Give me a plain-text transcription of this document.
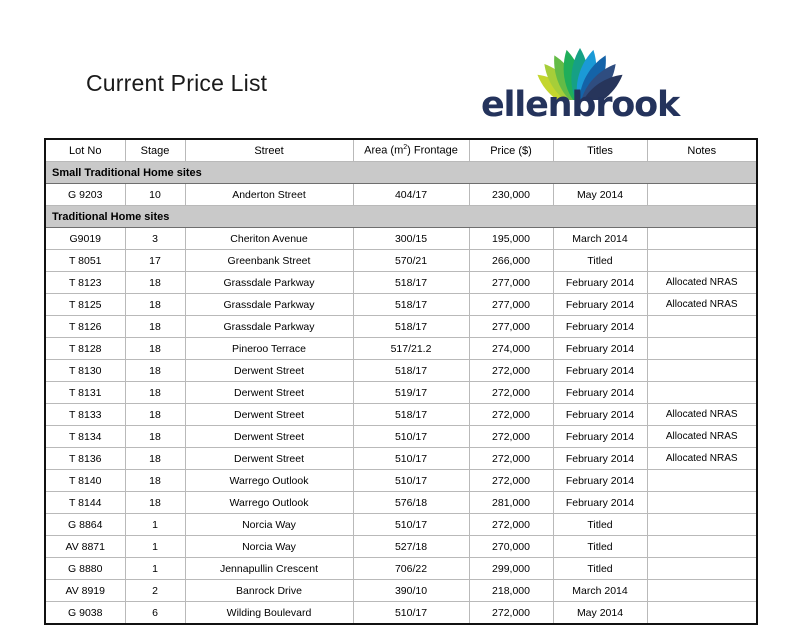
Current Price List
ellenbrook
Lot No	Stage	Street	Area $(m^2)$ Frontage	Price ($)	Titles	Notes
Small Traditional Home sites						
G 9203	10	Anderton Street	404/17	230,000	May 2014	
Traditional Home sites						
G9019	3	Cheriton Avenue	300/15	195,000	March 2014	
T 8051	17	Greenbank Street	570/21	266,000	Titled	
T 8123	18	Grassdale Parkway	518/17	277,000	February 2014	Allocated NRAS
T 8125	18	Grassdale Parkway	518/17	277,000	February 2014	Allocated NRAS
T 8126	18	Grassdale Parkway	518/17	277,000	February 2014	
T 8128	18	Pineroo Terrace	517/21.2	274,000	February 2014	
T 8130	18	Derwent Street	518/17	272,000	February 2014	
T 8131	18	Derwent Street	519/17	272,000	February 2014	
T 8133	18	Derwent Street	518/17	272,000	February 2014	Allocated NRAS
T 8134	18	Derwent Street	510/17	272,000	February 2014	Allocated NRAS
T 8136	18	Derwent Street	510/17	272,000	February 2014	Allocated NRAS
T 8140	18	Warrego Outlook	510/17	272,000	February 2014	
T 8144	18	Warrego Outlook	576/18	281,000	February 2014	
G 8864	1	Norcia Way	510/17	272,000	Titled	
AV 8871	1	Norcia Way	527/18	270,000	Titled	
G 8880	1	Jennapullin Crescent	706/22	299,000	Titled	
AV 8919	2	Banrock Drive	390/10	218,000	March 2014	
G 9038	6	Wilding Boulevard	510/17	272,000	May 2014	
